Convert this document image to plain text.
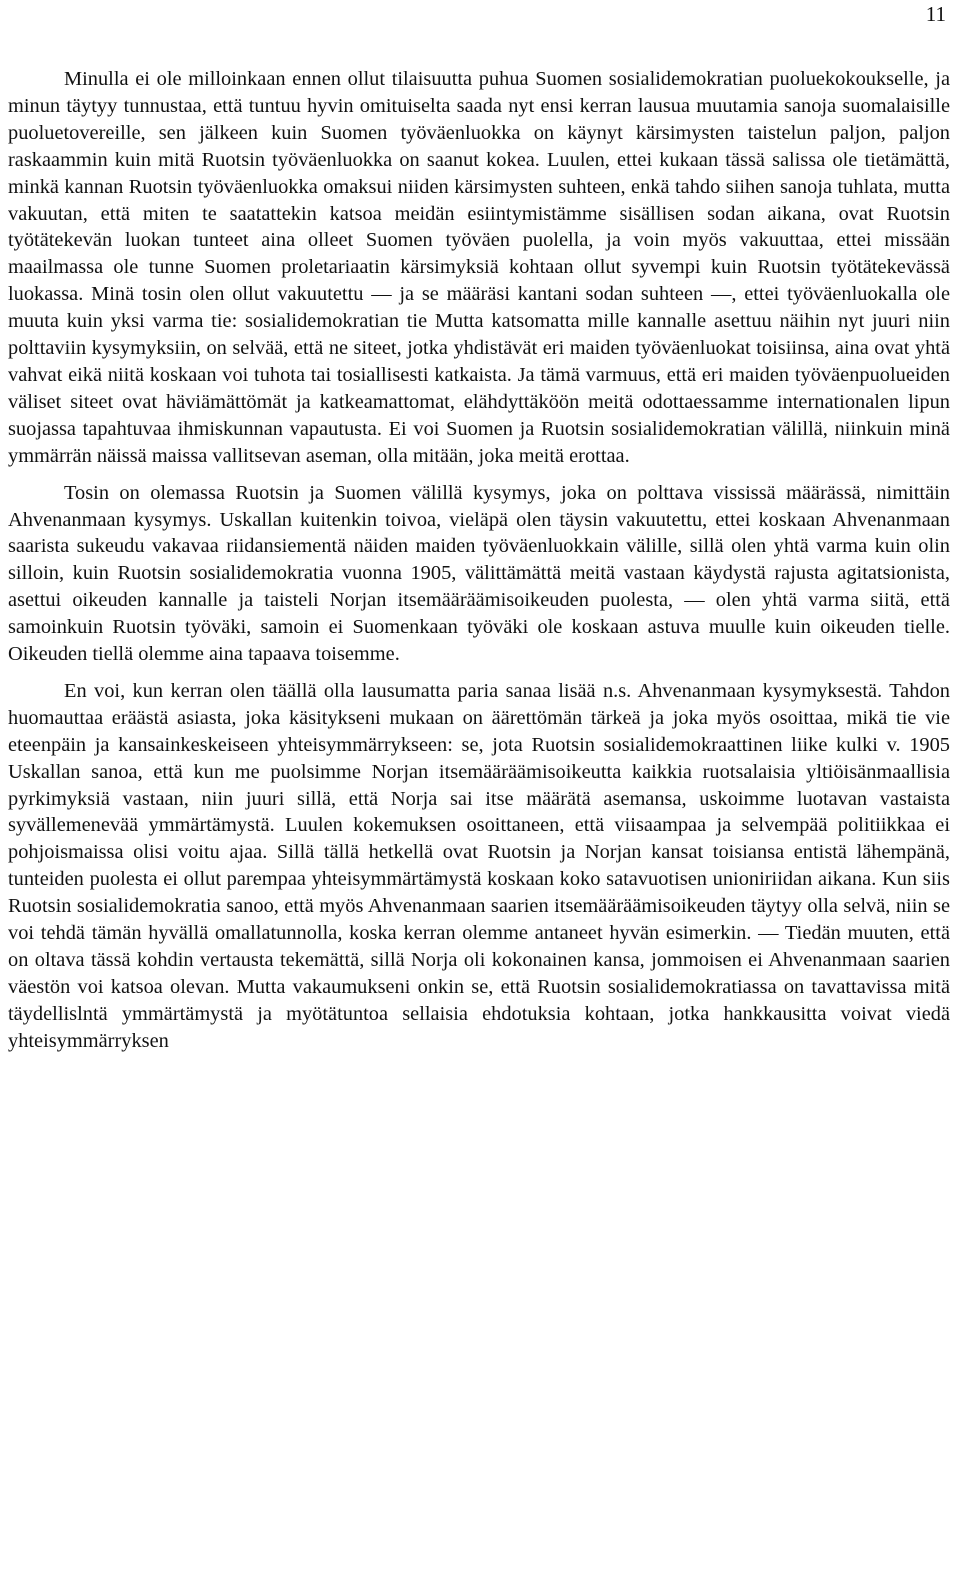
11

Minulla ei ole milloinkaan ennen ollut tilaisuutta puhua Suomen sosialidemokratian puoluekokoukselle, ja minun täytyy tunnustaa, että tuntuu hyvin omituiselta saada nyt ensi kerran lausua muutamia sanoja suomalaisille puoluetovereille, sen jälkeen kuin Suomen työväenluokka on käynyt kärsimysten taistelun paljon, paljon raskaammin kuin mitä Ruotsin työväenluokka on saanut kokea. Luulen, ettei kukaan tässä salissa ole tietämättä, minkä kannan Ruotsin työväenluokka omaksui niiden kärsimysten suhteen, enkä tahdo siihen sanoja tuhlata, mutta vakuutan, että miten te saatattekin katsoa meidän esiintymistämme sisällisen sodan aikana, ovat Ruotsin työtätekevän luokan tunteet aina olleet Suomen työväen puolella, ja voin myös vakuuttaa, ettei missään maailmassa ole tunne Suomen proletariaatin kärsimyksiä kohtaan ollut syvempi kuin Ruotsin työtätekevässä luokassa. Minä tosin olen ollut vakuutettu — ja se määräsi kantani sodan suhteen —, ettei työväenluokalla ole muuta kuin yksi varma tie: sosialidemokratian tie Mutta katsomatta mille kannalle asettuu näihin nyt juuri niin polttaviin kysymyksiin, on selvää, että ne siteet, jotka yhdistävät eri maiden työväenluokat toisiinsa, aina ovat yhtä vahvat eikä niitä koskaan voi tuhota tai tosiallisesti katkaista. Ja tämä varmuus, että eri maiden työväenpuolueiden väliset siteet ovat häviämättömät ja katkeamattomat, elähdyttäköön meitä odottaessamme internationalen lipun suojassa tapahtuvaa ihmiskunnan vapautusta. Ei voi Suomen ja Ruotsin sosialidemokratian välillä, niinkuin minä ymmärrän näissä maissa vallitsevan aseman, olla mitään, joka meitä erottaa.

Tosin on olemassa Ruotsin ja Suomen välillä kysymys, joka on polttava vississä määrässä, nimittäin Ahvenanmaan kysymys. Uskallan kuitenkin toivoa, vieläpä olen täysin vakuutettu, ettei koskaan Ahvenanmaan saarista sukeudu vakavaa riidansiementä näiden maiden työväenluokkain välille, sillä olen yhtä varma kuin olin silloin, kuin Ruotsin sosialidemokratia vuonna 1905, välittämättä meitä vastaan käydystä rajusta agitatsionista, asettui oikeuden kannalle ja taisteli Norjan itsemääräämisoikeuden puolesta, — olen yhtä varma siitä, että samoinkuin Ruotsin työväki, samoin ei Suomenkaan työväki ole koskaan astuva muulle kuin oikeuden tielle. Oikeuden tiellä olemme aina tapaava toisemme.

En voi, kun kerran olen täällä olla lausumatta paria sanaa lisää n.s. Ahvenanmaan kysymyksestä. Tahdon huomauttaa eräästä asiasta, joka käsitykseni mukaan on äärettömän tärkeä ja joka myös osoittaa, mikä tie vie eteenpäin ja kansainkeskeiseen yhteisymmärrykseen: se, jota Ruotsin sosialidemokraattinen liike kulki v. 1905 Uskallan sanoa, että kun me puolsimme Norjan itsemääräämisoikeutta kaikkia ruotsalaisia yltiöisänmaallisia pyrkimyksiä vastaan, niin juuri sillä, että Norja sai itse määrätä asemansa, uskoimme luotavan vastaista syvällemenevää ymmärtämystä. Luulen kokemuksen osoittaneen, että viisaampaa ja selvempää politiikkaa ei pohjoismaissa olisi voitu ajaa. Sillä tällä hetkellä ovat Ruotsin ja Norjan kansat toisiansa entistä lähempänä, tunteiden puolesta ei ollut parempaa yhteisymmärtämystä koskaan koko satavuotisen unioniriidan aikana. Kun siis Ruotsin sosialidemokratia sanoo, että myös Ahvenanmaan saarien itsemääräämisoikeuden täytyy olla selvä, niin se voi tehdä tämän hyvällä omallatunnolla, koska kerran olemme antaneet hyvän esimerkin. — Tiedän muuten, että on oltava tässä kohdin vertausta tekemättä, sillä Norja oli kokonainen kansa, jommoisen ei Ahvenanmaan saarien väestön voi katsoa olevan. Mutta vakaumukseni onkin se, että Ruotsin sosialidemokratiassa on tavattavissa mitä täydellislntä ymmärtämystä ja myötätuntoa sellaisia ehdotuksia kohtaan, jotka hankkausitta voivat viedä yhteisymmärryksen
